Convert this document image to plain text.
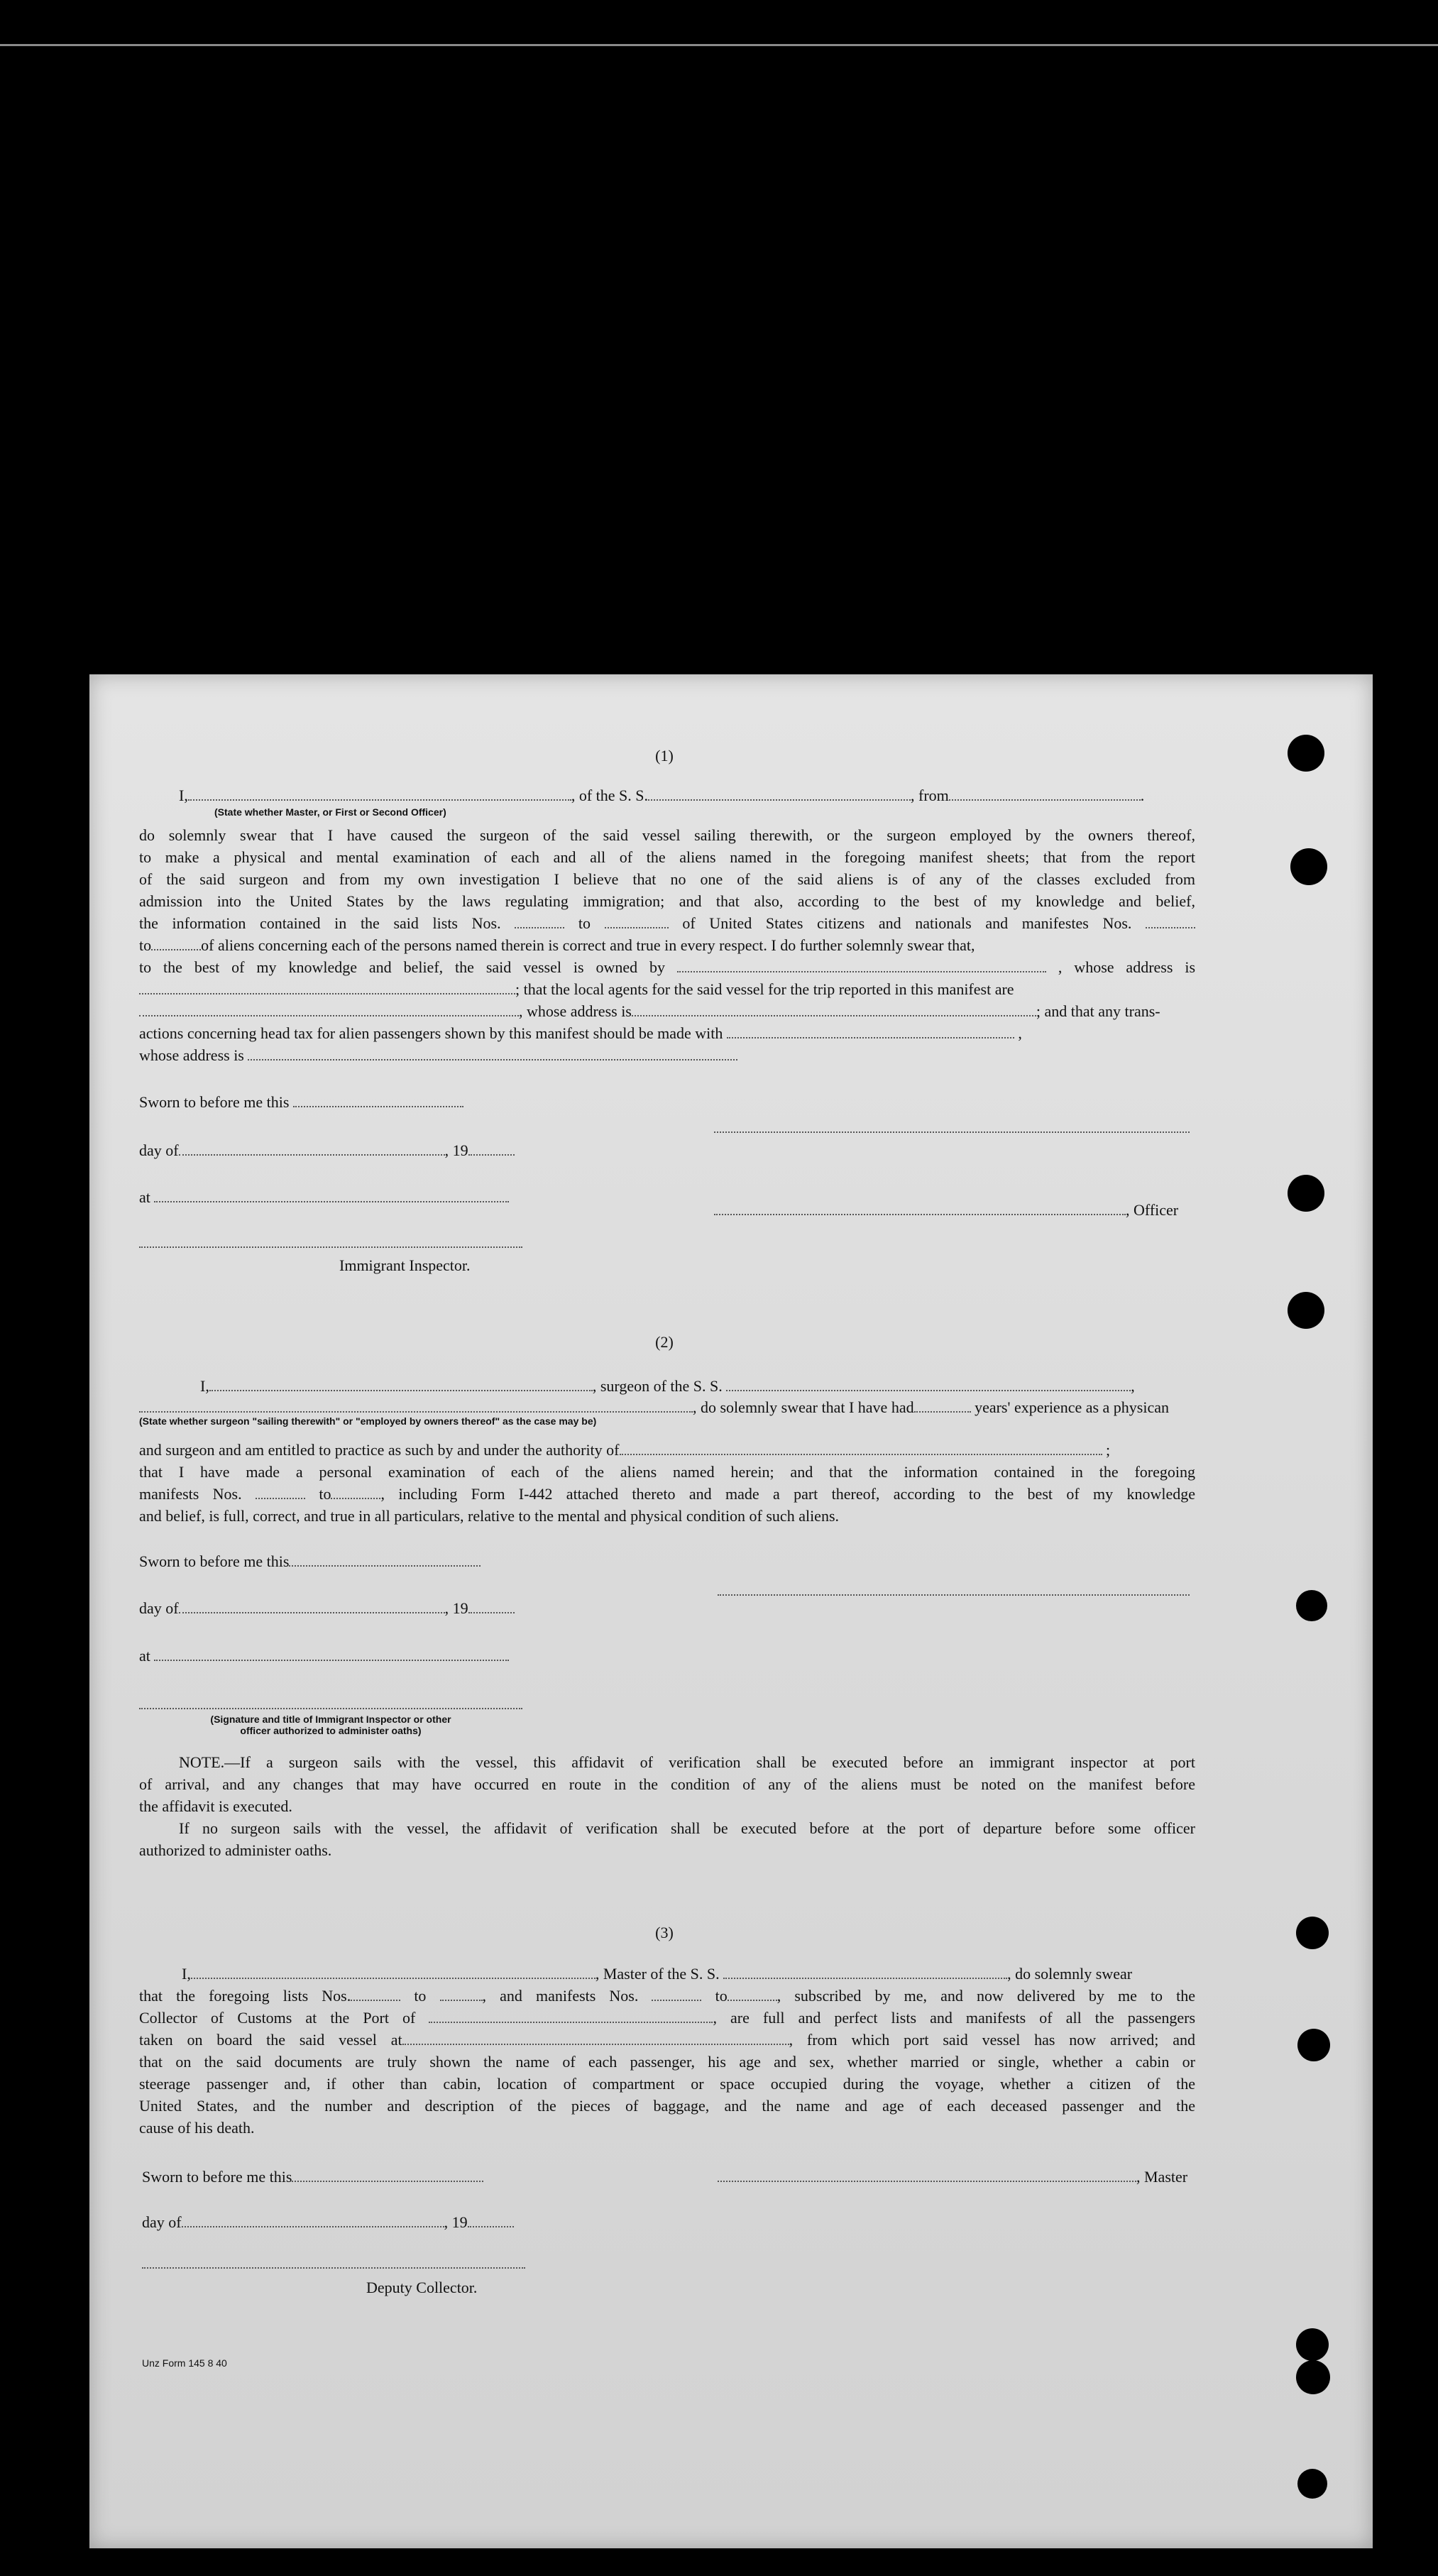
(1)
I,	, of the S. S.	, from	.
(State whether Master, or First or Second Officer)
do solemnly swear that I have caused the surgeon of the said vessel sailing therewith, or the surgeon employed by the owners thereof,
to make a physical and mental examination of each and all of the aliens named in the foregoing manifest sheets; that from the report
of the said surgeon and from my own investigation I believe that no one of the said aliens is of any of the classes excluded from
admission into the United States by the laws regulating immigration; and that also, according to the best of my knowledge and belief,
the information contained in the said lists Nos.	to	of United States citizens and nationals and manifestes Nos.
to	of aliens concerning each of the persons named therein is correct and true in every respect. I do further solemnly swear that,
to the best of my knowledge and belief, the said vessel is owned by	, whose address is
; that the local agents for the said vessel for the trip reported in this manifest are
, whose address is	; and that any trans-
actions concerning head tax for alien passengers shown by this manifest should be made with	,
whose address is
Sworn to before me this
day of	, 19
at
, Officer
Immigrant Inspector.
(2)
I,	, surgeon of the S. S.	,
, do solemnly swear that I have had	years' experience as a physican
(State whether surgeon "sailing therewith" or "employed by owners thereof" as the case may be)
and surgeon and am entitled to practice as such by and under the authority of	;
that I have made a personal examination of each of the aliens named herein; and that the information contained in the foregoing
manifests Nos.	to	, including Form I-442 attached thereto and made a part thereof, according to the best of my knowledge
and belief, is full, correct, and true in all particulars, relative to the mental and physical condition of such aliens.
Sworn to before me this
day of	, 19
at
(Signature and title of Immigrant Inspector or other
officer authorized to administer oaths)
NOTE.—If a surgeon sails with the vessel, this affidavit of verification shall be executed before an immigrant inspector at port
of arrival, and any changes that may have occurred en route in the condition of any of the aliens must be noted on the manifest before
the affidavit is executed.
If no surgeon sails with the vessel, the affidavit of verification shall be executed before at the port of departure before some officer
authorized to administer oaths.
(3)
I,	, Master of the S. S.	, do solemnly swear
that the foregoing lists Nos.	to	, and manifests Nos.	to	, subscribed by me, and now delivered by me to the
Collector of Customs at the Port of	, are full and perfect lists and manifests of all the passengers
taken on board the said vessel at	, from which port said vessel has now arrived; and
that on the said documents are truly shown the name of each passenger, his age and sex, whether married or single, whether a cabin or
steerage passenger and, if other than cabin, location of compartment or space occupied during the voyage, whether a citizen of the
United States, and the number and description of the pieces of baggage, and the name and age of each deceased passenger and the
cause of his death.
Sworn to before me this	, Master
day of	, 19
Deputy Collector.
Unz Form 145 8 40
